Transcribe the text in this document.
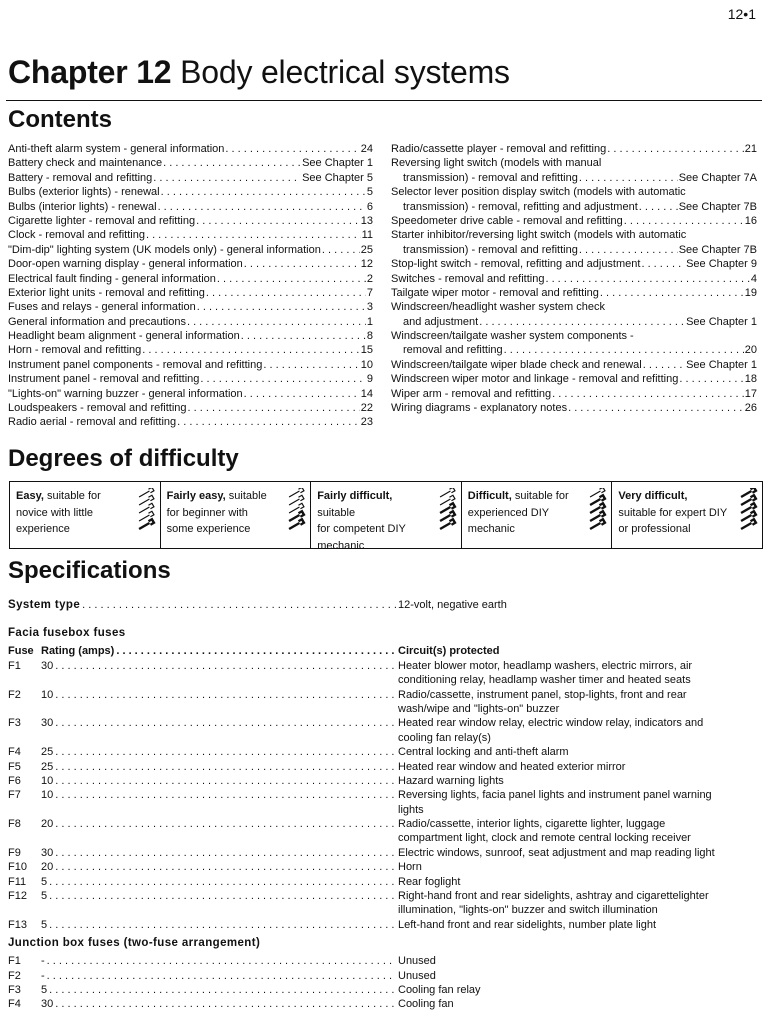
12•1
Chapter 12 Body electrical systems
Contents
Anti-theft alarm system - general information . . .	24
Battery check and maintenance . . .	See Chapter 1
Battery - removal and refitting . . .	See Chapter 5
Bulbs (exterior lights) - renewal . . .	5
Bulbs (interior lights) - renewal . . .	6
Cigarette lighter - removal and refitting . . .	13
Clock - removal and refitting . . .	11
"Dim-dip" lighting system (UK models only) - general information . . .	25
Door-open warning display - general information . . .	12
Electrical fault finding - general information . . .	2
Exterior light units - removal and refitting . . .	7
Fuses and relays - general information . . .	3
General information and precautions . . .	1
Headlight beam alignment - general information . . .	8
Horn - removal and refitting . . .	15
Instrument panel components - removal and refitting . . .	10
Instrument panel - removal and refitting . . .	9
"Lights-on" warning buzzer - general information . . .	14
Loudspeakers - removal and refitting . . .	22
Radio aerial - removal and refitting . . .	23
Radio/cassette player - removal and refitting . . .	21
Reversing light switch (models with manual
transmission) - removal and refitting . . .	See Chapter 7A
Selector lever position display switch (models with automatic
transmission) - removal, refitting and adjustment . . .	See Chapter 7B
Speedometer drive cable - removal and refitting . . .	16
Starter inhibitor/reversing light switch (models with automatic
transmission) - removal and refitting . . .	See Chapter 7B
Stop-light switch - removal, refitting and adjustment . . .	See Chapter 9
Switches - removal and refitting . . .	4
Tailgate wiper motor - removal and refitting . . .	19
Windscreen/headlight washer system check
and adjustment . . .	See Chapter 1
Windscreen/tailgate washer system components -
removal and refitting . . .	20
Windscreen/tailgate wiper blade check and renewal . . .	See Chapter 1
Windscreen wiper motor and linkage - removal and refitting . . .	18
Wiper arm - removal and refitting . . .	17
Wiring diagrams - explanatory notes . . .	26
Degrees of difficulty
Easy, suitable for
novice with little
experience
Fairly easy, suitable
for beginner with
some experience
Fairly difficult, suitable
for competent DIY
mechanic
Difficult, suitable for
experienced DIY
mechanic
Very difficult,
suitable for expert DIY
or professional
Specifications
System type . . .	12-volt, negative earth
Facia fusebox fuses
Fuse Rating (amps) . . .	Circuit(s) protected
F1	30 . . .	Heater blower motor, headlamp washers, electric mirrors, air
conditioning relay, headlamp washer timer and heated seats
F2	10 . . .	Radio/cassette, instrument panel, stop-lights, front and rear
wash/wipe and "lights-on" buzzer
F3	30 . . .	Heated rear window relay, electric window relay, indicators and
cooling fan relay(s)
F4	25 . . .	Central locking and anti-theft alarm
F5	25 . . .	Heated rear window and heated exterior mirror
F6	10 . . .	Hazard warning lights
F7	10 . . .	Reversing lights, facia panel lights and instrument panel warning
lights
F8	20 . . .	Radio/cassette, interior lights, cigarette lighter, luggage
compartment light, clock and remote central locking receiver
F9	30 . . .	Electric windows, sunroof, seat adjustment and map reading light
F10	20 . . .	Horn
F11	5 . . .	Rear foglight
F12	5 . . .	Right-hand front and rear sidelights, ashtray and cigarettelighter
illumination, "lights-on" buzzer and switch illumination
F13	5 . . .	Left-hand front and rear sidelights, number plate light
Junction box fuses (two-fuse arrangement)
F1	- . . .	Unused
F2	- . . .	Unused
F3	5 . . .	Cooling fan relay
F4	30 . . .	Cooling fan
